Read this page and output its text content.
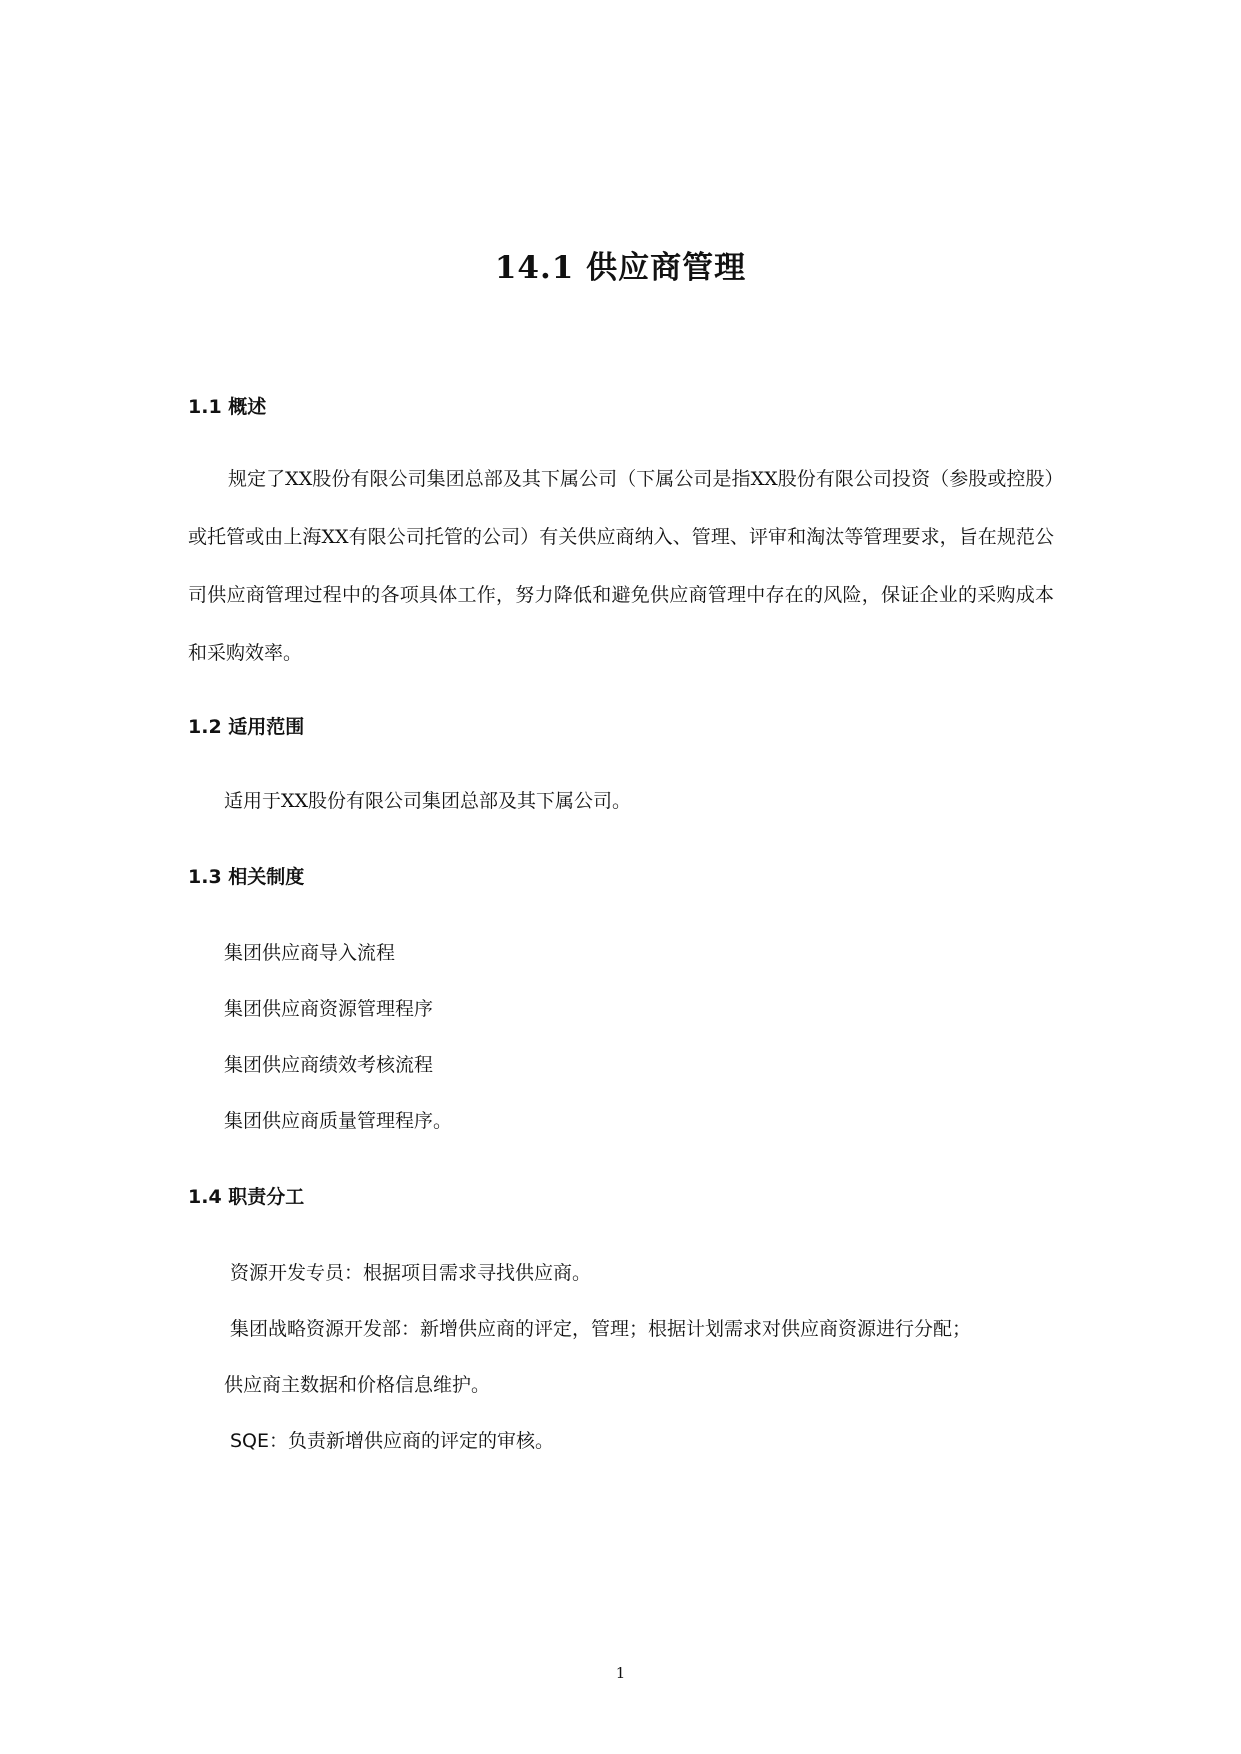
14.1 供应商管理
1.1 概述
规定了XX股份有限公司集团总部及其下属公司（下属公司是指XX股份有限公司投资（参股或控股）或托管或由上海XX有限公司托管的公司）有关供应商纳入、管理、评审和淘汰等管理要求，旨在规范公司供应商管理过程中的各项具体工作，努力降低和避免供应商管理中存在的风险，保证企业的采购成本和采购效率。
1.2 适用范围
适用于XX股份有限公司集团总部及其下属公司。
1.3 相关制度
集团供应商导入流程
集团供应商资源管理程序
集团供应商绩效考核流程
集团供应商质量管理程序。
1.4 职责分工
资源开发专员：根据项目需求寻找供应商。
集团战略资源开发部：新增供应商的评定，管理；根据计划需求对供应商资源进行分配；
供应商主数据和价格信息维护。
SQE：负责新增供应商的评定的审核。
1
